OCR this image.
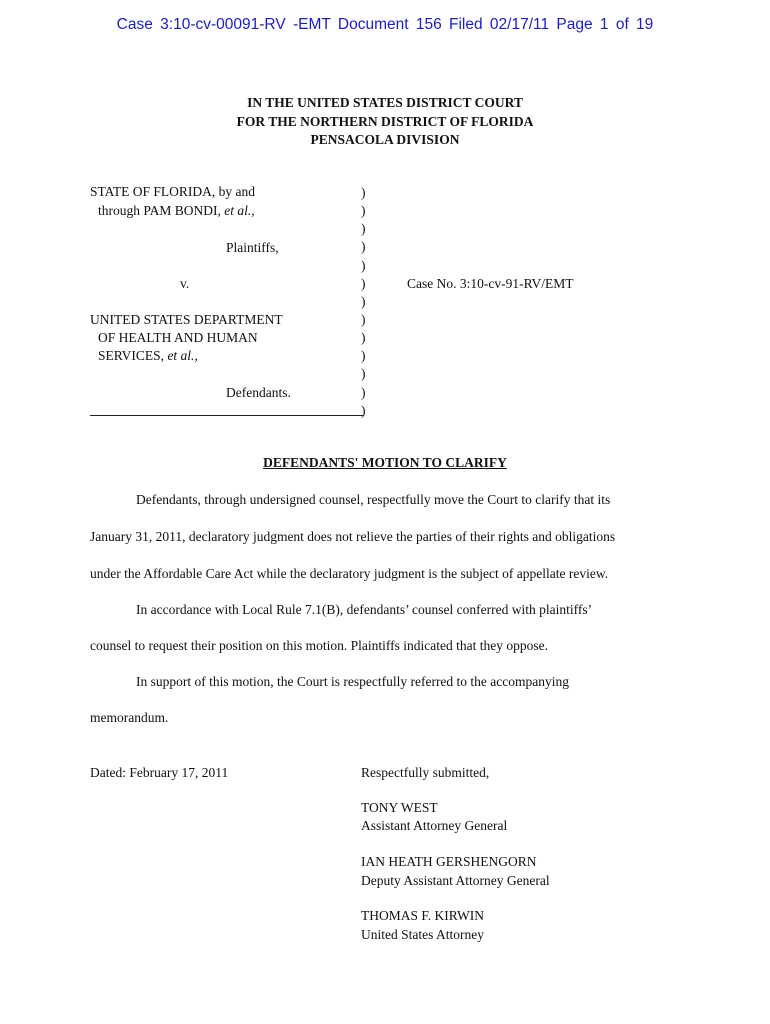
Case 3:10-cv-00091-RV -EMT Document 156 Filed 02/17/11 Page 1 of 19
IN THE UNITED STATES DISTRICT COURT
FOR THE NORTHERN DISTRICT OF FLORIDA
PENSACOLA DIVISION
STATE OF FLORIDA, by and
through PAM BONDI, et al.,
Plaintiffs,
v.
UNITED STATES DEPARTMENT
OF HEALTH AND HUMAN
SERVICES, et al.,
Defendants.
)
)
)
)
)
)
)
)
)
)
)
)
)
Case No. 3:10-cv-91-RV/EMT
DEFENDANTS' MOTION TO CLARIFY
Defendants, through undersigned counsel, respectfully move the Court to clarify that its
January 31, 2011, declaratory judgment does not relieve the parties of their rights and obligations
under the Affordable Care Act while the declaratory judgment is the subject of appellate review.
In accordance with Local Rule 7.1(B), defendants’ counsel conferred with plaintiffs’
counsel to request their position on this motion. Plaintiffs indicated that they oppose.
In support of this motion, the Court is respectfully referred to the accompanying
memorandum.
Dated: February 17, 2011	Respectfully submitted,
TONY WEST
Assistant Attorney General
IAN HEATH GERSHENGORN
Deputy Assistant Attorney General
THOMAS F. KIRWIN
United States Attorney
